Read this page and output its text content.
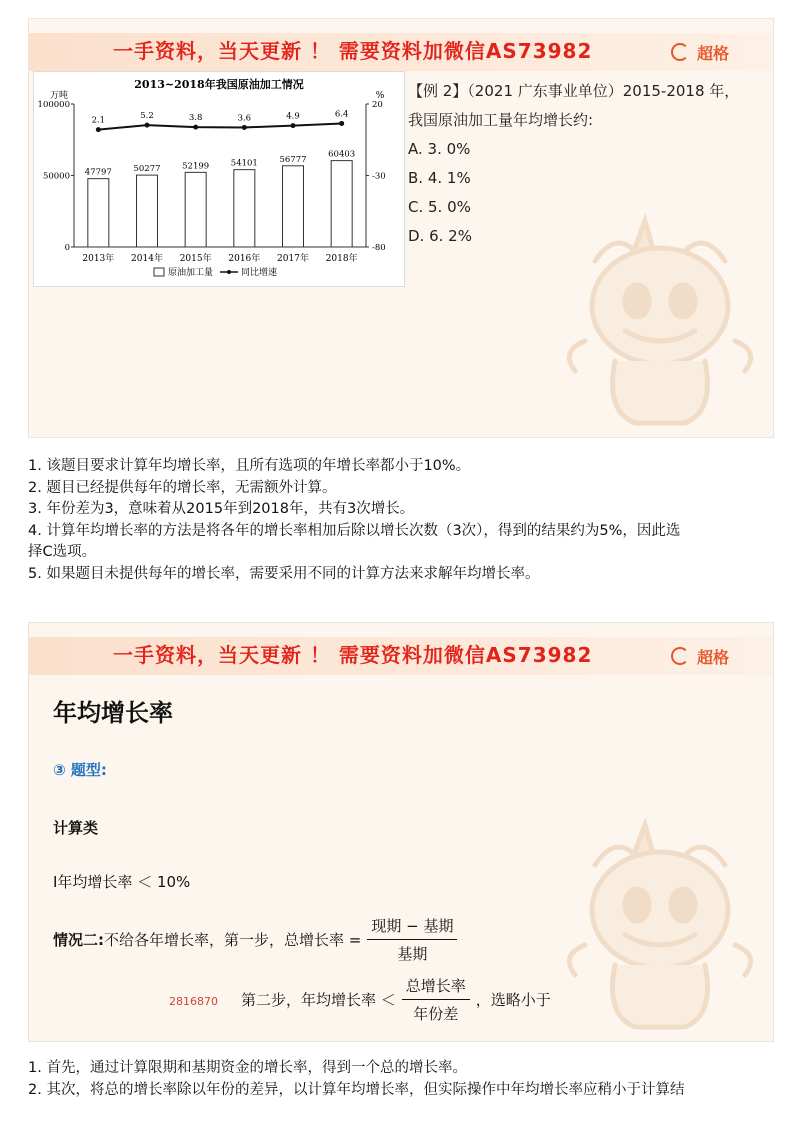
一手资料，当天更新 ！ 需要资料加微信AS73982	超格
2013~2018年我国原油加工情况
万吨	%
100000
50000
0
20
-30
-80
47797
2013年
50277
2014年
52199
2015年
54101
2016年
56777
2017年
60403
2018年
2.1	5.2	3.8	3.6	4.9	6.4
原油加工量	同比增速
【例 2】（2021 广东事业单位）2015-2018 年，
我国原油加工量年均增长约:
A. 3. 0%
B. 4. 1%
C. 5. 0%
D. 6. 2%

1. 该题目要求计算年均增长率，且所有选项的年增长率都小于10%。

2. 题目已经提供每年的增长率，无需额外计算。

3. 年份差为3，意味着从2015年到2018年，共有3次增长。

4. 计算年均增长率的方法是将各年的增长率相加后除以增长次数（3次），得到的结果约为5%，因此选

择C选项。

5. 如果题目未提供每年的增长率，需要采用不同的计算方法来求解年均增长率。

一手资料，当天更新 ！ 需要资料加微信AS73982	超格
年均增长率
③ 题型:
计算类
Ⅰ年均增长率 ＜ 10%
情况二: 不给各年增长率，第一步，总增长率 = $\frac{\text{现期 − 基期}}{\text{基期}}$
第二步，年均增长率 ＜ $\frac{\text{总增长率}}{\text{年份差}}$ ，选略小于
2816870

1. 首先，通过计算限期和基期资金的增长率，得到一个总的增长率。

2. 其次，将总的增长率除以年份的差异，以计算年均增长率，但实际操作中年均增长率应稍小于计算结
